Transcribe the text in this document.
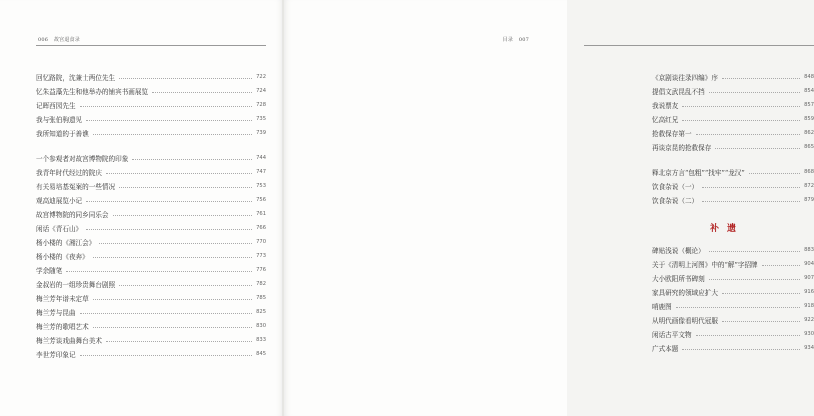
006 故宫退食录
回忆路院，沈兼士两位先生	722
忆朱益藻先生和他举办的铺宾书画展览	724
记晖西园先生	728
我与张伯驹遗见	735
我所知道的于善谯	739
一个参观者对故宫博物院的印象	744
我青年时代经过的院庆	747
有关易培基冤案的一些情况	753
观高迪展览小记	756
故宫博物院的同乡同乐会	761
闲话《青石山》	766
杨小楼的《湘江会》	770
杨小楼的《夜奔》	773
学余随笔	776
金叔岩的一组珍贵舞台剧照	782
梅兰芳年谱未定草	785
梅兰芳与昆曲	825
梅兰芳的歌唱艺术	830
梅兰芳谈戏曲舞台美术	833
李世芳印象记	845
目录 007
《京剧谈往录四编》序	848
提倡文武昆乱不挡	854
我说票友	857
忆高红兄	859
抢救保存第一	862
再谈京昆的抢救保存	865
释北京方言“包粗”“找牢”“龙汉”	868
饮食杂说（一）	872
饮食杂说（二）	879
补遗
碑贴浅说（概论）	883
关于《清明上河图》中的“解”字招牌	904
大小欧阳所书碑刻	907
家具研究的领域应扩大	916
哨鹿图	918
从明代画像看明代冠服	922
闲话古平文物	930
广式本题	934
